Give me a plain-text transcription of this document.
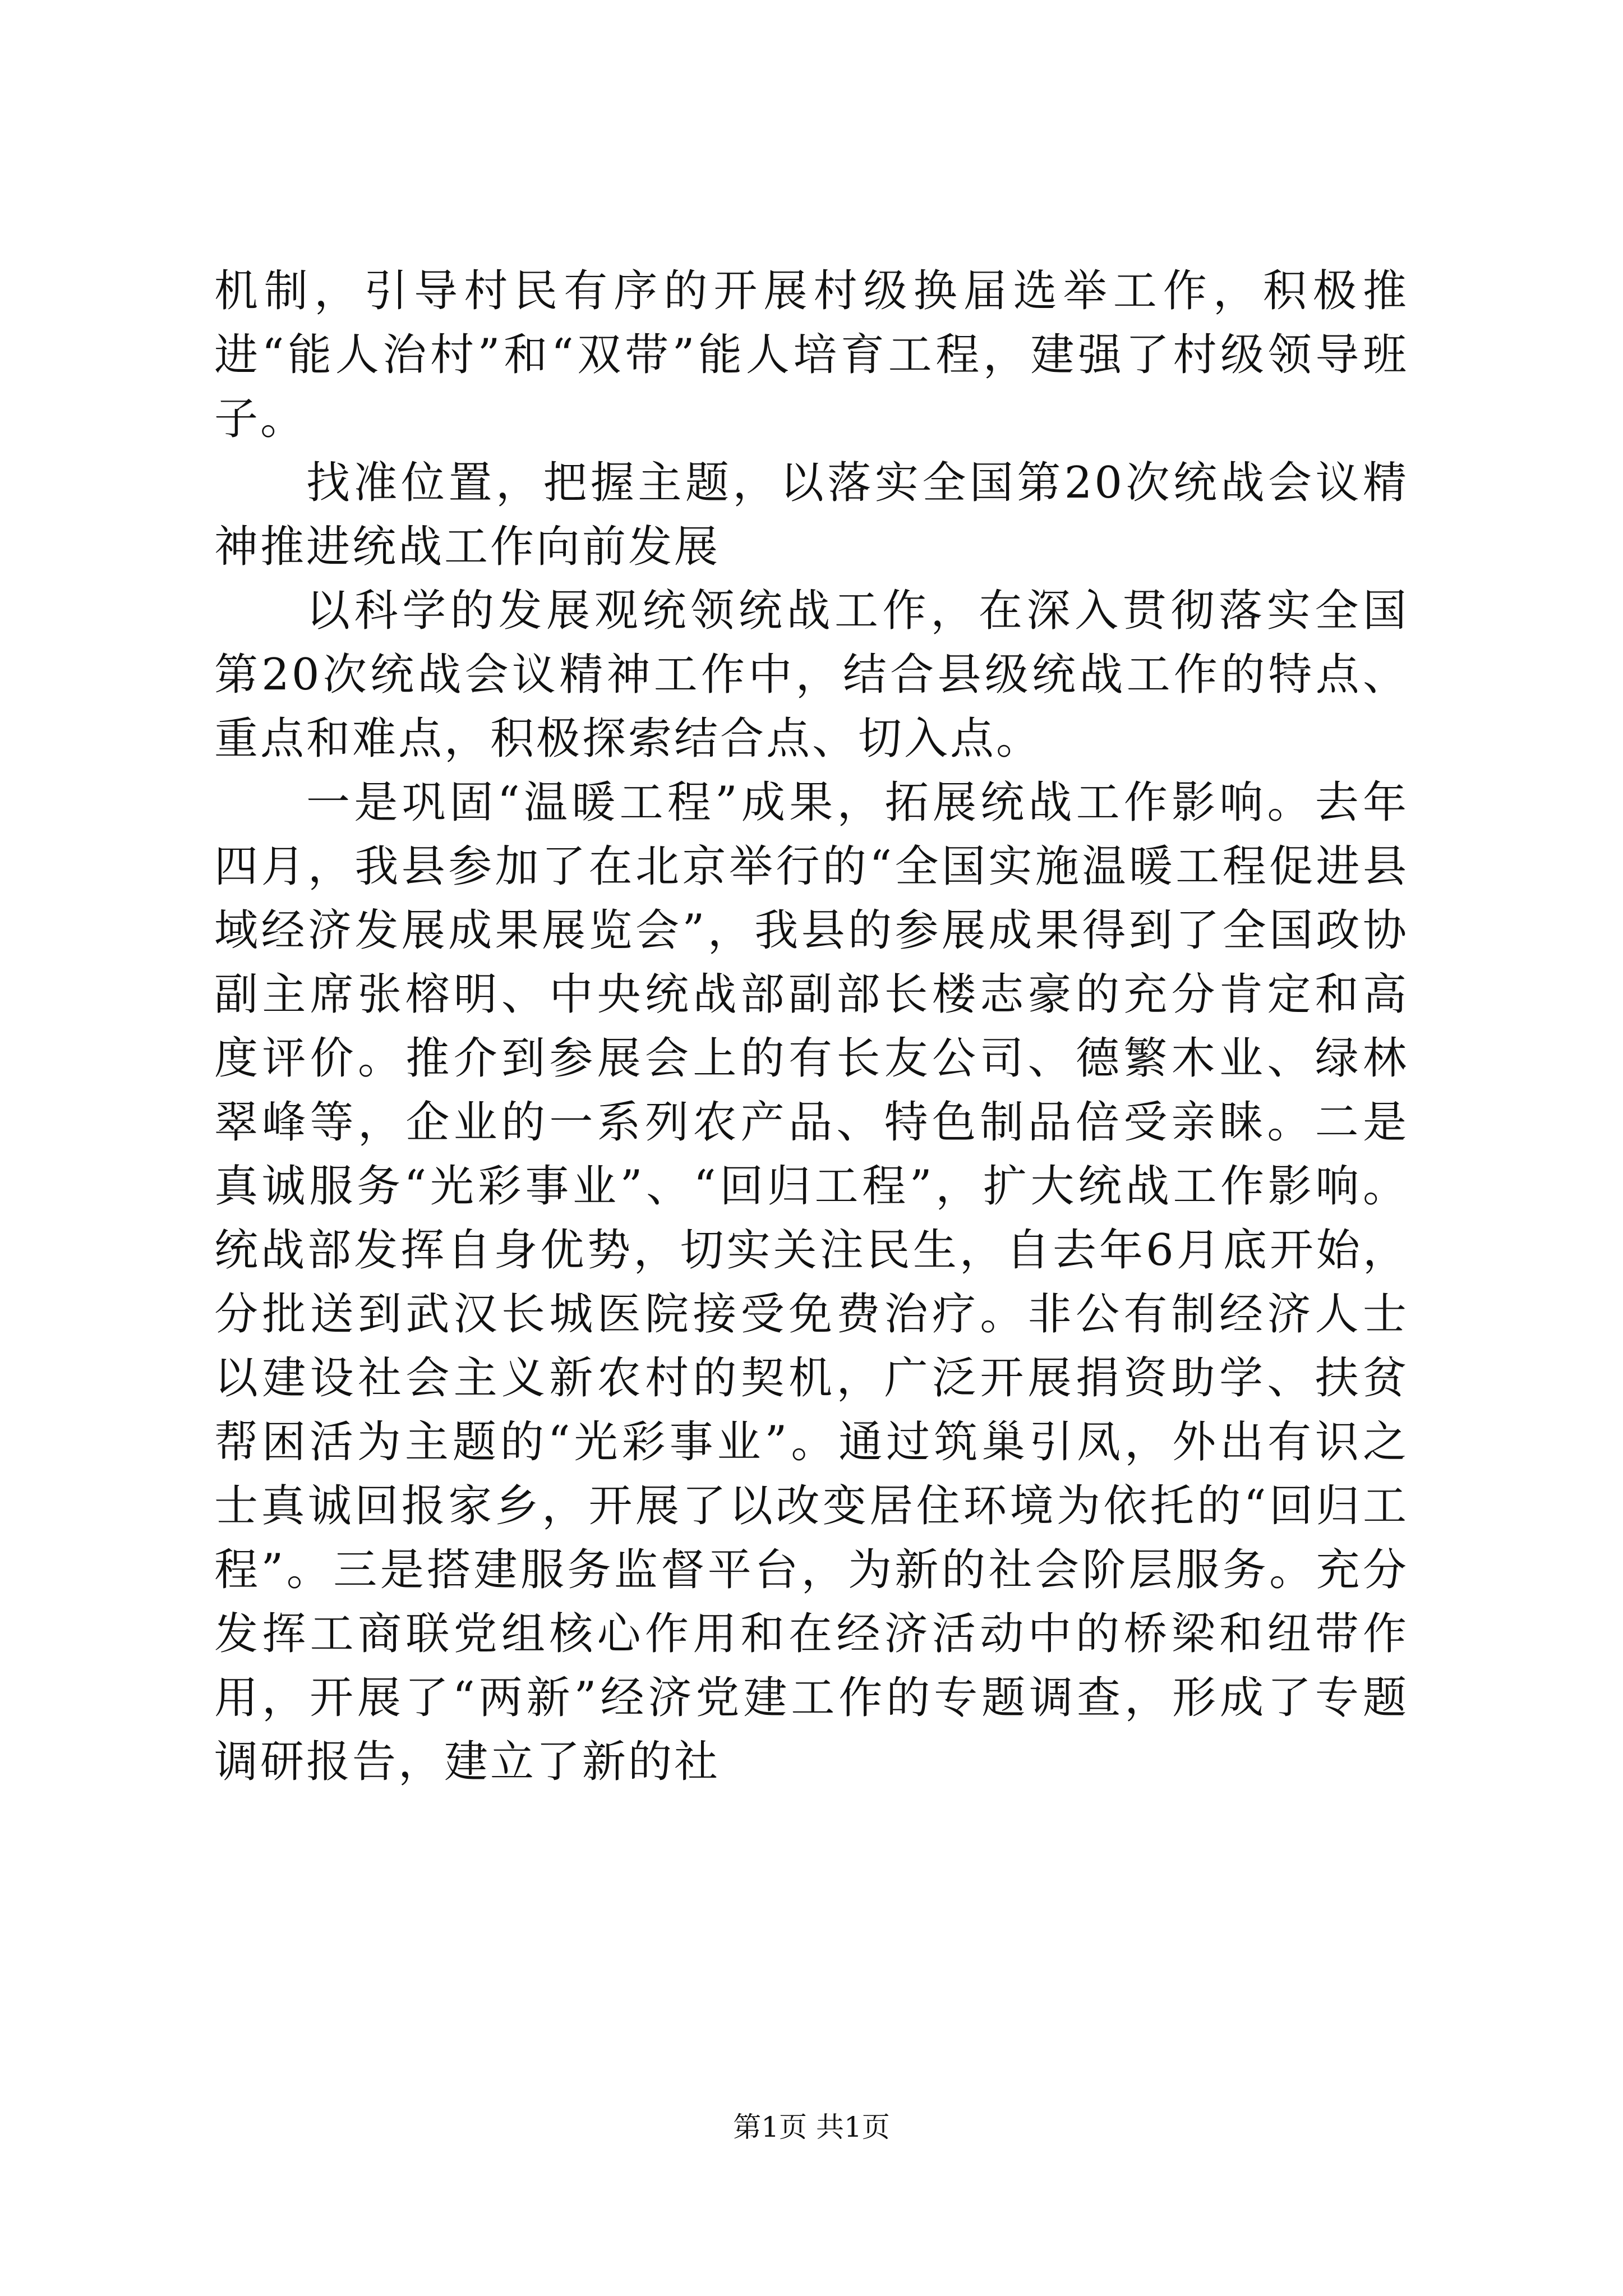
机制，引导村民有序的开展村级换届选举工作，积极推进“能人治村”和“双带”能人培育工程，建强了村级领导班子。

找准位置，把握主题，以落实全国第20次统战会议精神推进统战工作向前发展

以科学的发展观统领统战工作，在深入贯彻落实全国第20次统战会议精神工作中，结合县级统战工作的特点、重点和难点，积极探索结合点、切入点。

一是巩固“温暖工程”成果，拓展统战工作影响。去年四月，我县参加了在北京举行的“全国实施温暖工程促进县域经济发展成果展览会”，我县的参展成果得到了全国政协副主席张榕明、中央统战部副部长楼志豪的充分肯定和高度评价。推介到参展会上的有长友公司、德繁木业、绿林翠峰等，企业的一系列农产品、特色制品倍受亲睐。二是真诚服务“光彩事业”、“回归工程”，扩大统战工作影响。统战部发挥自身优势，切实关注民生，自去年6月底开始，分批送到武汉长城医院接受免费治疗。非公有制经济人士以建设社会主义新农村的契机，广泛开展捐资助学、扶贫帮困活为主题的“光彩事业”。通过筑巢引凤，外出有识之士真诚回报家乡，开展了以改变居住环境为依托的“回归工程”。三是搭建服务监督平台，为新的社会阶层服务。充分发挥工商联党组核心作用和在经济活动中的桥梁和纽带作用，开展了“两新”经济党建工作的专题调查，形成了专题调研报告，建立了新的社

第1页 共1页
